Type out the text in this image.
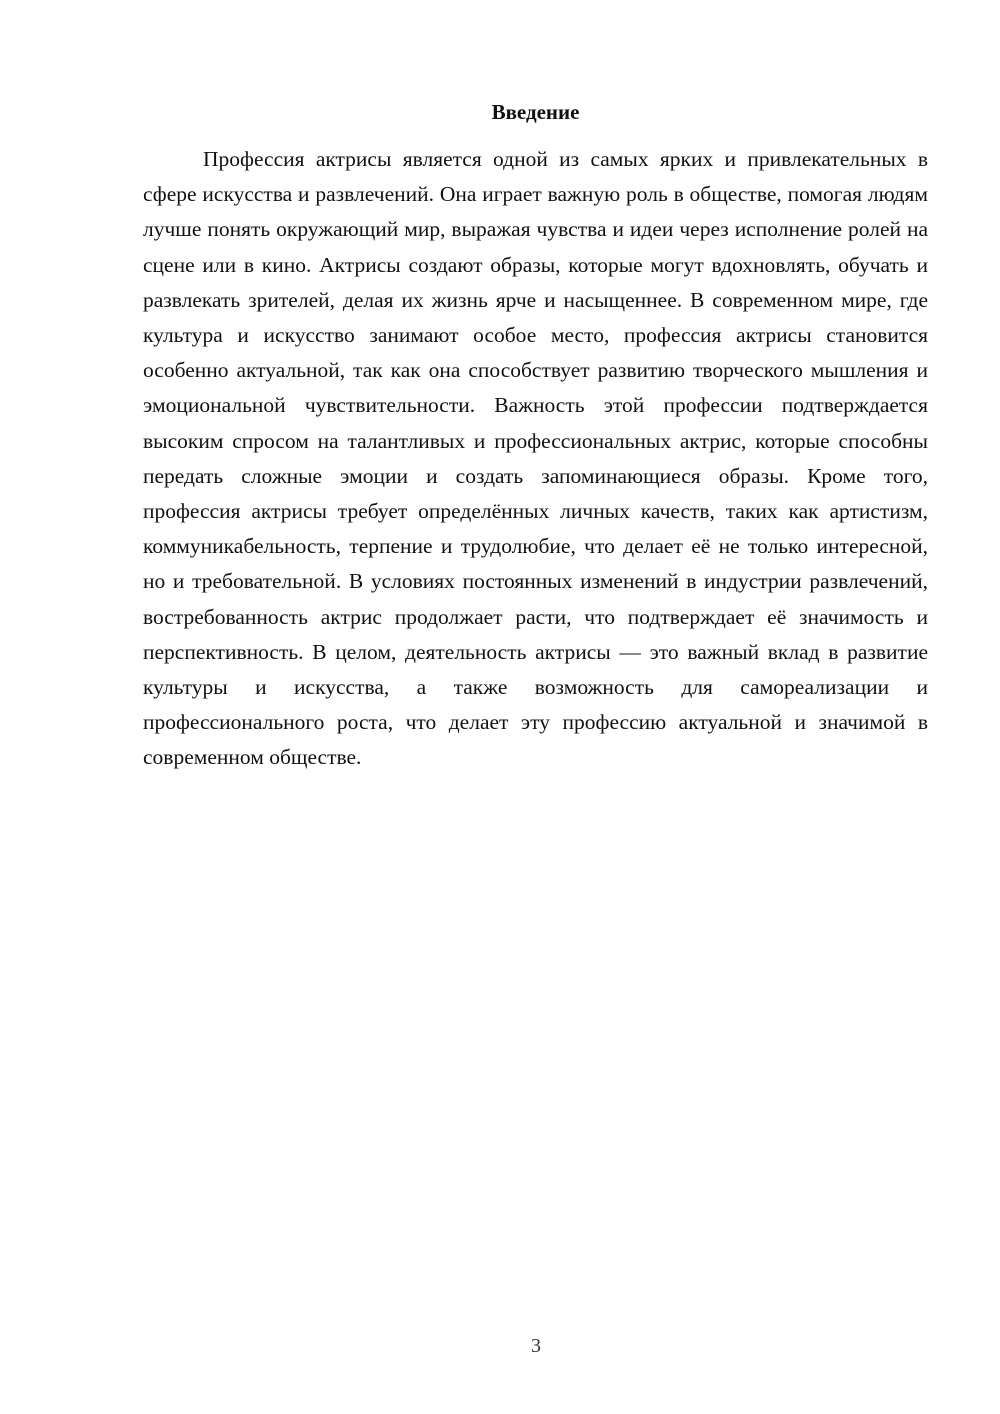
Введение

Профессия актрисы является одной из самых ярких и привлекательных в сфере искусства и развлечений. Она играет важную роль в обществе, помогая людям лучше понять окружающий мир, выражая чувства и идеи через исполнение ролей на сцене или в кино. Актрисы создают образы, которые могут вдохновлять, обучать и развлекать зрителей, делая их жизнь ярче и насыщеннее. В современном мире, где культура и искусство занимают особое место, профессия актрисы становится особенно актуальной, так как она способствует развитию творческого мышления и эмоциональной чувствительности. Важность этой профессии подтверждается высоким спросом на талантливых и профессиональных актрис, которые способны передать сложные эмоции и создать запоминающиеся образы. Кроме того, профессия актрисы требует определённых личных качеств, таких как артистизм, коммуникабельность, терпение и трудолюбие, что делает её не только интересной, но и требовательной. В условиях постоянных изменений в индустрии развлечений, востребованность актрис продолжает расти, что подтверждает её значимость и перспективность. В целом, деятельность актрисы — это важный вклад в развитие культуры и искусства, а также возможность для самореализации и профессионального роста, что делает эту профессию актуальной и значимой в современном обществе.

3
